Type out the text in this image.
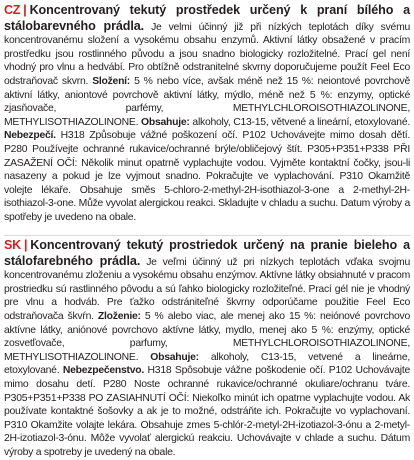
CZ | Koncentrovaný tekutý prostředek určený k praní bílého a stálobarevného prádla. Je velmi účinný již při nízkých teplotách díky svému koncentrovanému složení a vysokému obsahu enzymů. Aktivní látky obsažené v pracím prostředku jsou rostlinného původu a jsou snadno biologicky rozložitelné. Prací gel není vhodný pro vlnu a hedvábí. Pro obtížně odstranitelné skvrny doporučujeme použít Feel Eco odstraňovač skvrn. Složení: 5 % nebo více, avšak méně než 15 %: neiontové povrchově aktivní látky, aniontové povrchově aktivní látky, mýdlo, méně než 5 %: enzymy, optické zjasňovače, parfémy, METHYLCHLOROISOTHIAZOLINONE, METHYLISOTHIAZOLINONE. Obsahuje: alkoholy, C13-15, větvené a lineární, etoxylované. Nebezpečí. H318 Způsobuje vážné poškození očí. P102 Uchovávejte mimo dosah dětí. P280 Používejte ochranné rukavice/ochranné brýle/obličejový štít. P305+P351+P338 PŘI ZASAŽENÍ OČÍ: Několik minut opatrně vyplachujte vodou. Vyjměte kontaktní čočky, jsou-li nasazeny a pokud je lze vyjmout snadno. Pokračujte ve vyplachování. P310 Okamžitě volejte lékaře. Obsahuje směs 5-chloro-2-methyl-2H-isothiazol-3-one a 2-methyl-2H-isothiazol-3-one. Může vyvolat alergickou reakci. Skladujte v chladu a suchu. Datum výroby a spotřeby je uvedeno na obale.

SK | Koncentrovaný tekutý prostriedok určený na pranie bieleho a stálofarebného prádla. Je veľmi účinný už pri nízkych teplotách vďaka svojmu koncentrovanému zloženiu a vysokému obsahu enzýmov. Aktívne látky obsiahnuté v pracom prostriedku sú rastlinného pôvodu a sú ľahko biologicky rozložiteľné. Prací gél nie je vhodný pre vlnu a hodváb. Pre ťažko odstrániteľné škvrny odporúčame použitie Feel Eco odstraňovača škvŕn. Zloženie: 5 % alebo viac, ale menej ako 15 %: neiónové povrchovo aktívne látky, aniónové povrchovo aktívne látky, mydlo, menej ako 5 %: enzýmy, optické zosvetľovače, parfumy, METHYLCHLOROISOTHIAZOLINONE, METHYLISOTHIAZOLINONE. Obsahuje: alkoholy, C13-15, vetvené a lineárne, etoxylované. Nebezpečenstvo. H318 Spôsobuje vážne poškodenie očí. P102 Uchovávajte mimo dosahu detí. P280 Noste ochranné rukavice/ochranné okuliare/ochranu tváre. P305+P351+P338 PO ZASIAHNUTÍ OČÍ: Niekoľko minút ich opatrne vyplachujte vodou. Ak používate kontaktné šošovky a ak je to možné, odstráňte ich. Pokračujte vo vyplachovaní. P310 Okamžite volajte lekára. Obsahuje zmes 5-chlór-2-metyl-2H-izotiazol-3-ónu a 2-metyl-2H-izotiazol-3-ónu. Môže vyvolať alergickú reakciu. Uchovávajte v chlade a suchu. Dátum výroby a spotreby je uvedený na obale.
